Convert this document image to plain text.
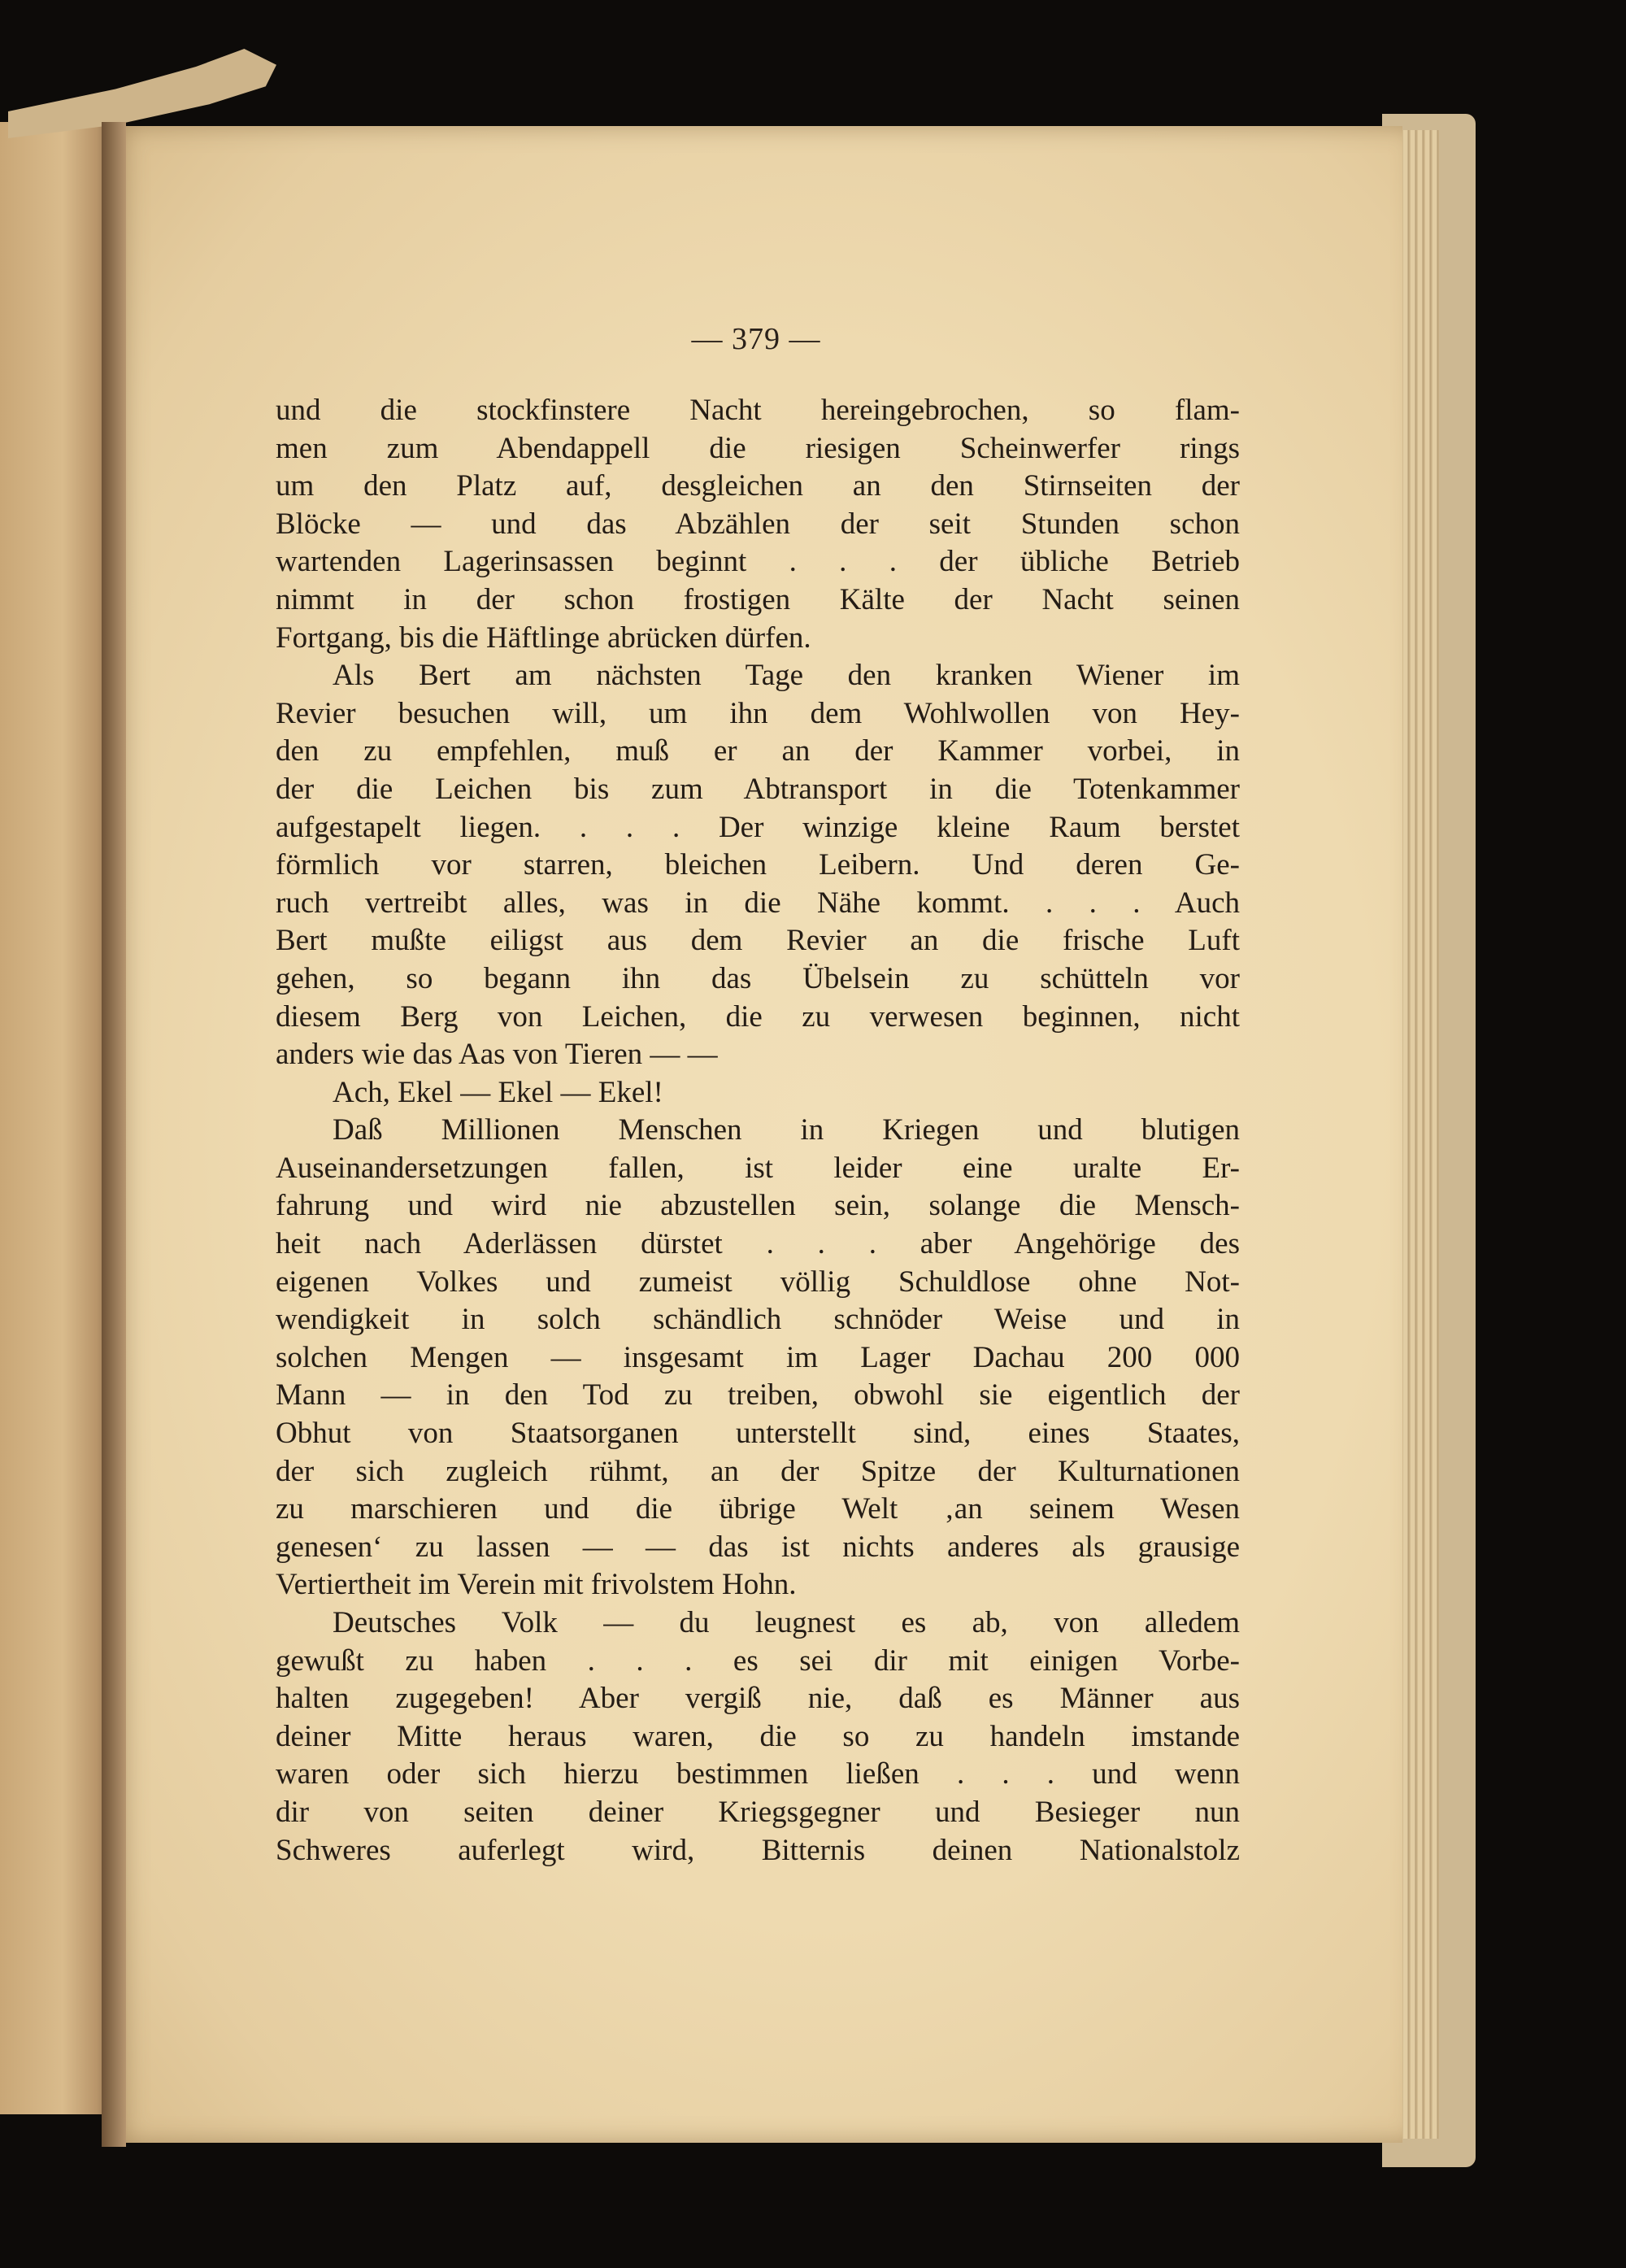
— 379 —
und die stockfinstere Nacht hereingebrochen, so flam-
men zum Abendappell die riesigen Scheinwerfer rings
um den Platz auf, desgleichen an den Stirnseiten der
Blöcke — und das Abzählen der seit Stunden schon
wartenden Lagerinsassen beginnt . . . der übliche Betrieb
nimmt in der schon frostigen Kälte der Nacht seinen
Fortgang, bis die Häftlinge abrücken dürfen.
Als Bert am nächsten Tage den kranken Wiener im
Revier besuchen will, um ihn dem Wohlwollen von Hey-
den zu empfehlen, muß er an der Kammer vorbei, in
der die Leichen bis zum Abtransport in die Totenkammer
aufgestapelt liegen. . . . Der winzige kleine Raum berstet
förmlich vor starren, bleichen Leibern. Und deren Ge-
ruch vertreibt alles, was in die Nähe kommt. . . . Auch
Bert mußte eiligst aus dem Revier an die frische Luft
gehen, so begann ihn das Übelsein zu schütteln vor
diesem Berg von Leichen, die zu verwesen beginnen, nicht
anders wie das Aas von Tieren — —
Ach, Ekel — Ekel — Ekel!
Daß Millionen Menschen in Kriegen und blutigen
Auseinandersetzungen fallen, ist leider eine uralte Er-
fahrung und wird nie abzustellen sein, solange die Mensch-
heit nach Aderlässen dürstet . . . aber Angehörige des
eigenen Volkes und zumeist völlig Schuldlose ohne Not-
wendigkeit in solch schändlich schnöder Weise und in
solchen Mengen — insgesamt im Lager Dachau 200 000
Mann — in den Tod zu treiben, obwohl sie eigentlich der
Obhut von Staatsorganen unterstellt sind, eines Staates,
der sich zugleich rühmt, an der Spitze der Kulturnationen
zu marschieren und die übrige Welt ‚an seinem Wesen
genesen‘ zu lassen — — das ist nichts anderes als grausige
Vertiertheit im Verein mit frivolstem Hohn.
Deutsches Volk — du leugnest es ab, von alledem
gewußt zu haben . . . es sei dir mit einigen Vorbe-
halten zugegeben! Aber vergiß nie, daß es Männer aus
deiner Mitte heraus waren, die so zu handeln imstande
waren oder sich hierzu bestimmen ließen . . . und wenn
dir von seiten deiner Kriegsgegner und Besieger nun
Schweres auferlegt wird, Bitternis deinen Nationalstolz
